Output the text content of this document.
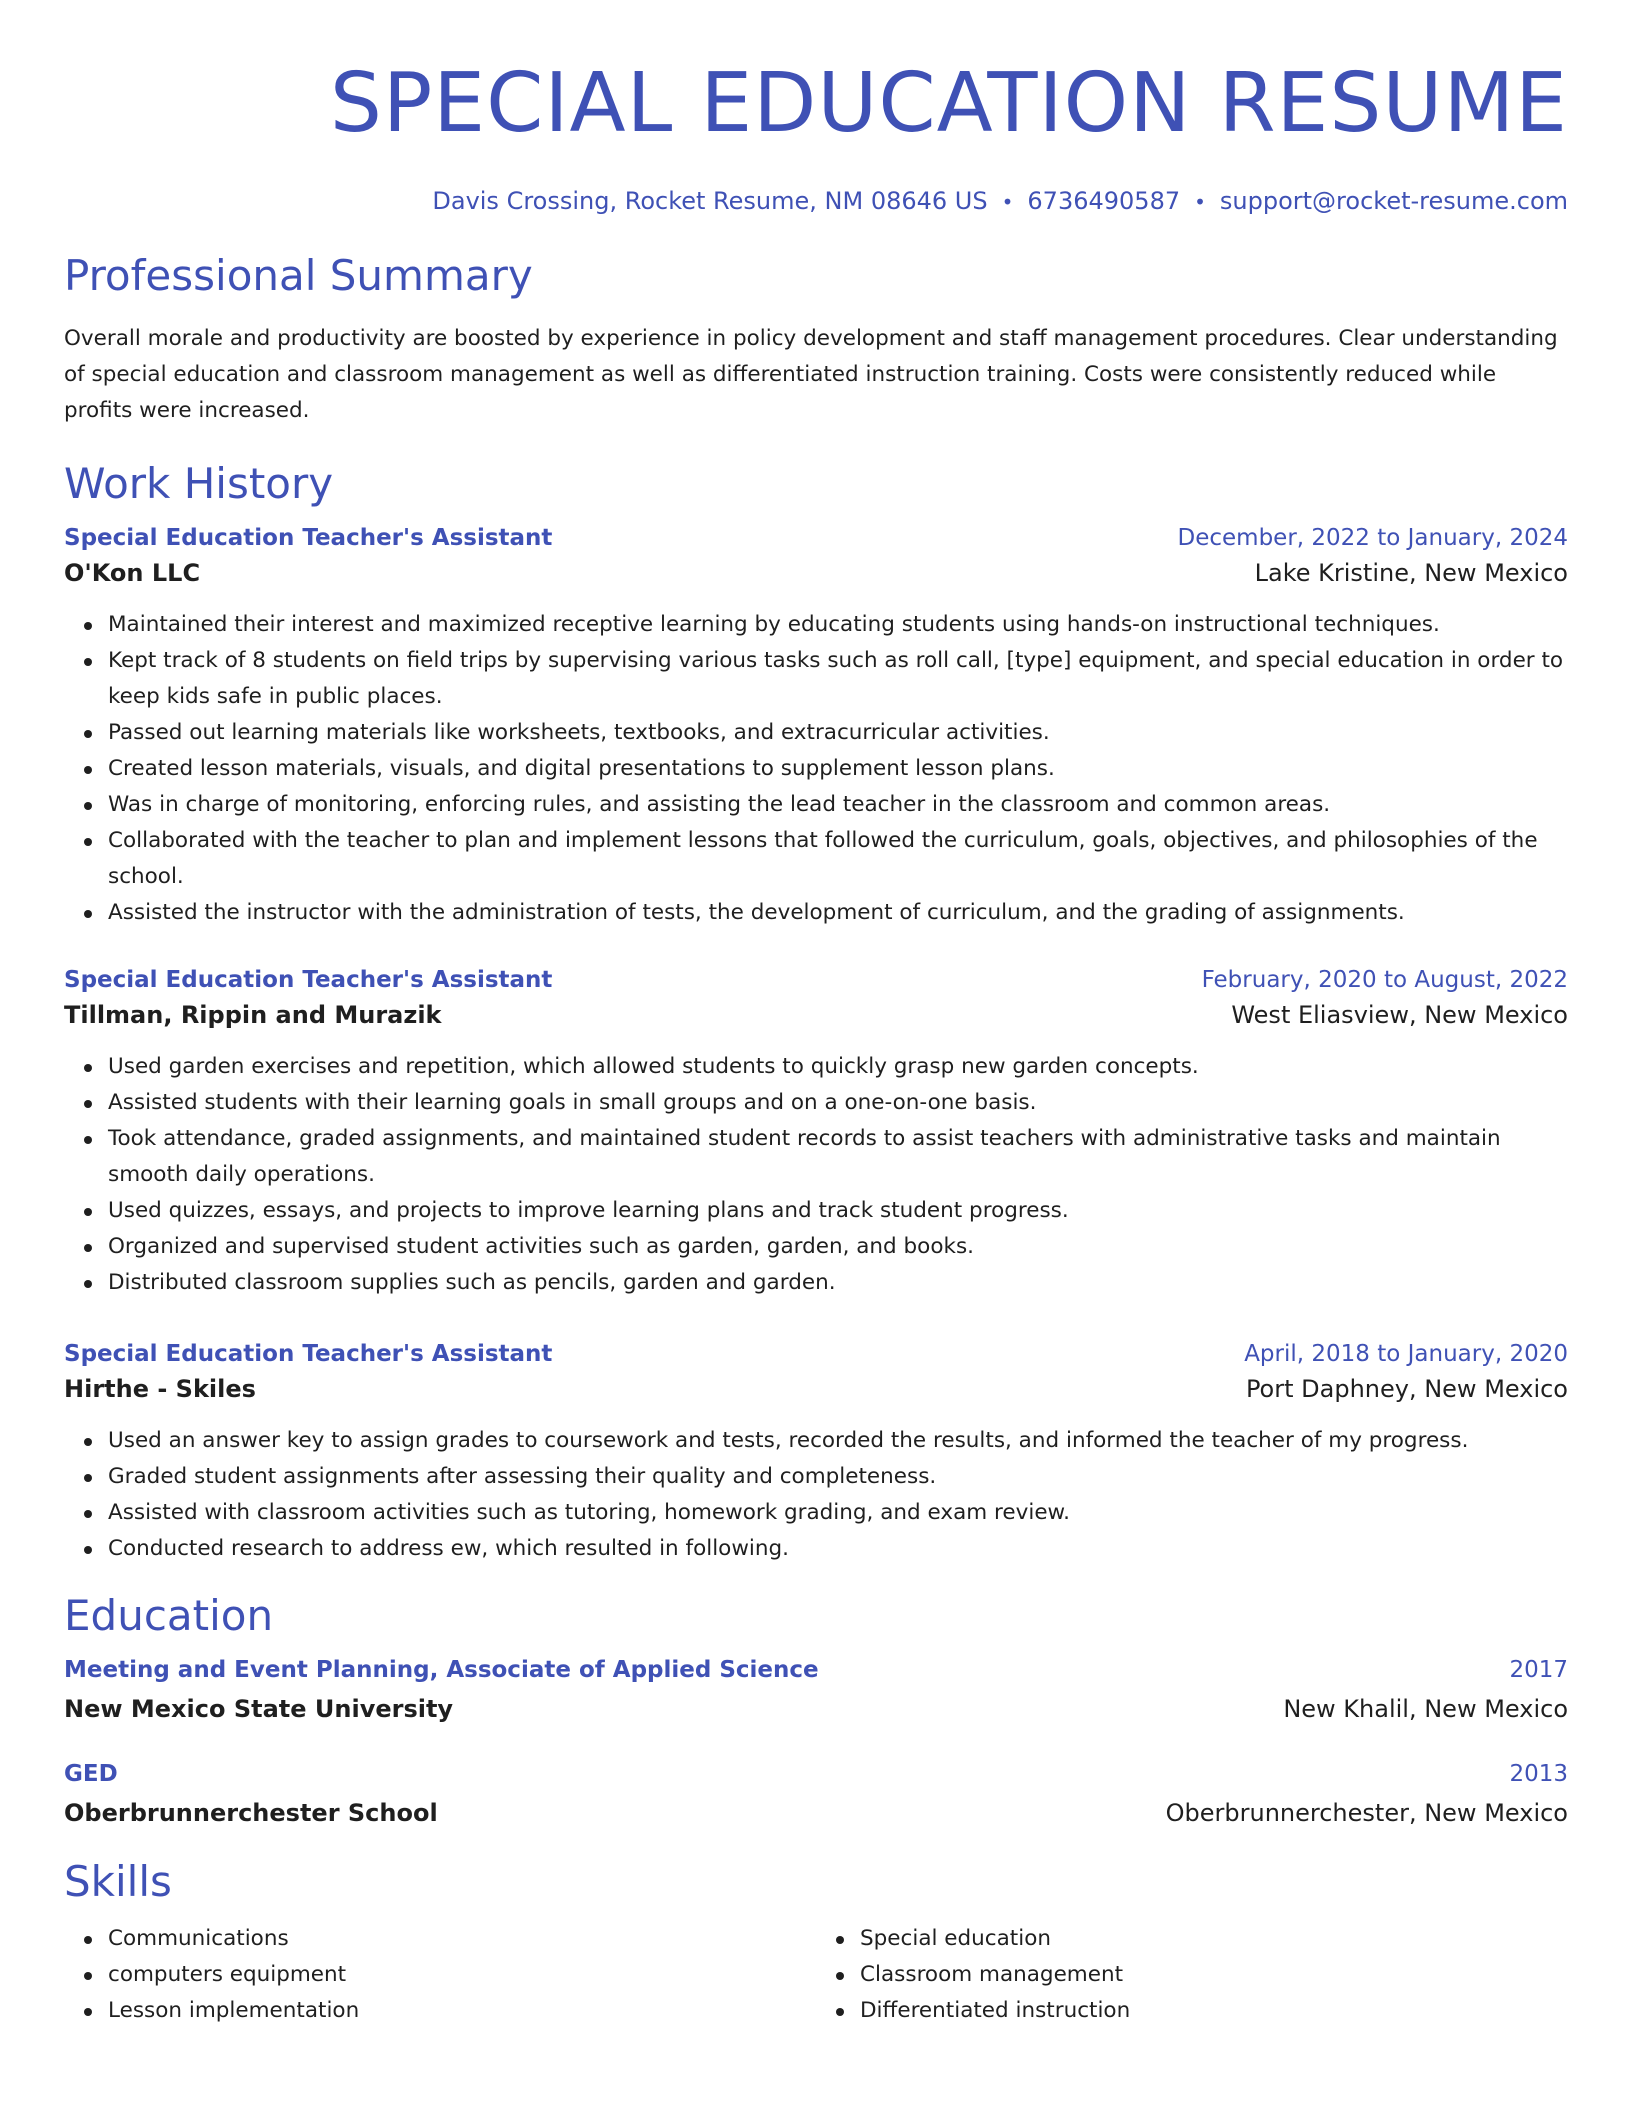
SPECIAL EDUCATION RESUME
Davis Crossing, Rocket Resume, NM 08646 US • 6736490587 • support@rocket-resume.com
Professional Summary
Overall morale and productivity are boosted by experience in policy development and staff management procedures. Clear understanding of special education and classroom management as well as differentiated instruction training. Costs were consistently reduced while profits were increased.
Work History
Special Education Teacher's Assistant	December, 2022 to January, 2024
O'Kon LLC	Lake Kristine, New Mexico
Maintained their interest and maximized receptive learning by educating students using hands-on instructional techniques.
Kept track of 8 students on field trips by supervising various tasks such as roll call, [type] equipment, and special education in order to keep kids safe in public places.
Passed out learning materials like worksheets, textbooks, and extracurricular activities.
Created lesson materials, visuals, and digital presentations to supplement lesson plans.
Was in charge of monitoring, enforcing rules, and assisting the lead teacher in the classroom and common areas.
Collaborated with the teacher to plan and implement lessons that followed the curriculum, goals, objectives, and philosophies of the school.
Assisted the instructor with the administration of tests, the development of curriculum, and the grading of assignments.
Special Education Teacher's Assistant	February, 2020 to August, 2022
Tillman, Rippin and Murazik	West Eliasview, New Mexico
Used garden exercises and repetition, which allowed students to quickly grasp new garden concepts.
Assisted students with their learning goals in small groups and on a one-on-one basis.
Took attendance, graded assignments, and maintained student records to assist teachers with administrative tasks and maintain smooth daily operations.
Used quizzes, essays, and projects to improve learning plans and track student progress.
Organized and supervised student activities such as garden, garden, and books.
Distributed classroom supplies such as pencils, garden and garden.
Special Education Teacher's Assistant	April, 2018 to January, 2020
Hirthe - Skiles	Port Daphney, New Mexico
Used an answer key to assign grades to coursework and tests, recorded the results, and informed the teacher of my progress.
Graded student assignments after assessing their quality and completeness.
Assisted with classroom activities such as tutoring, homework grading, and exam review.
Conducted research to address ew, which resulted in following.
Education
Meeting and Event Planning, Associate of Applied Science	2017
New Mexico State University	New Khalil, New Mexico
GED	2013
Oberbrunnerchester School	Oberbrunnerchester, New Mexico
Skills
Communications
computers equipment
Lesson implementation
Special education
Classroom management
Differentiated instruction
